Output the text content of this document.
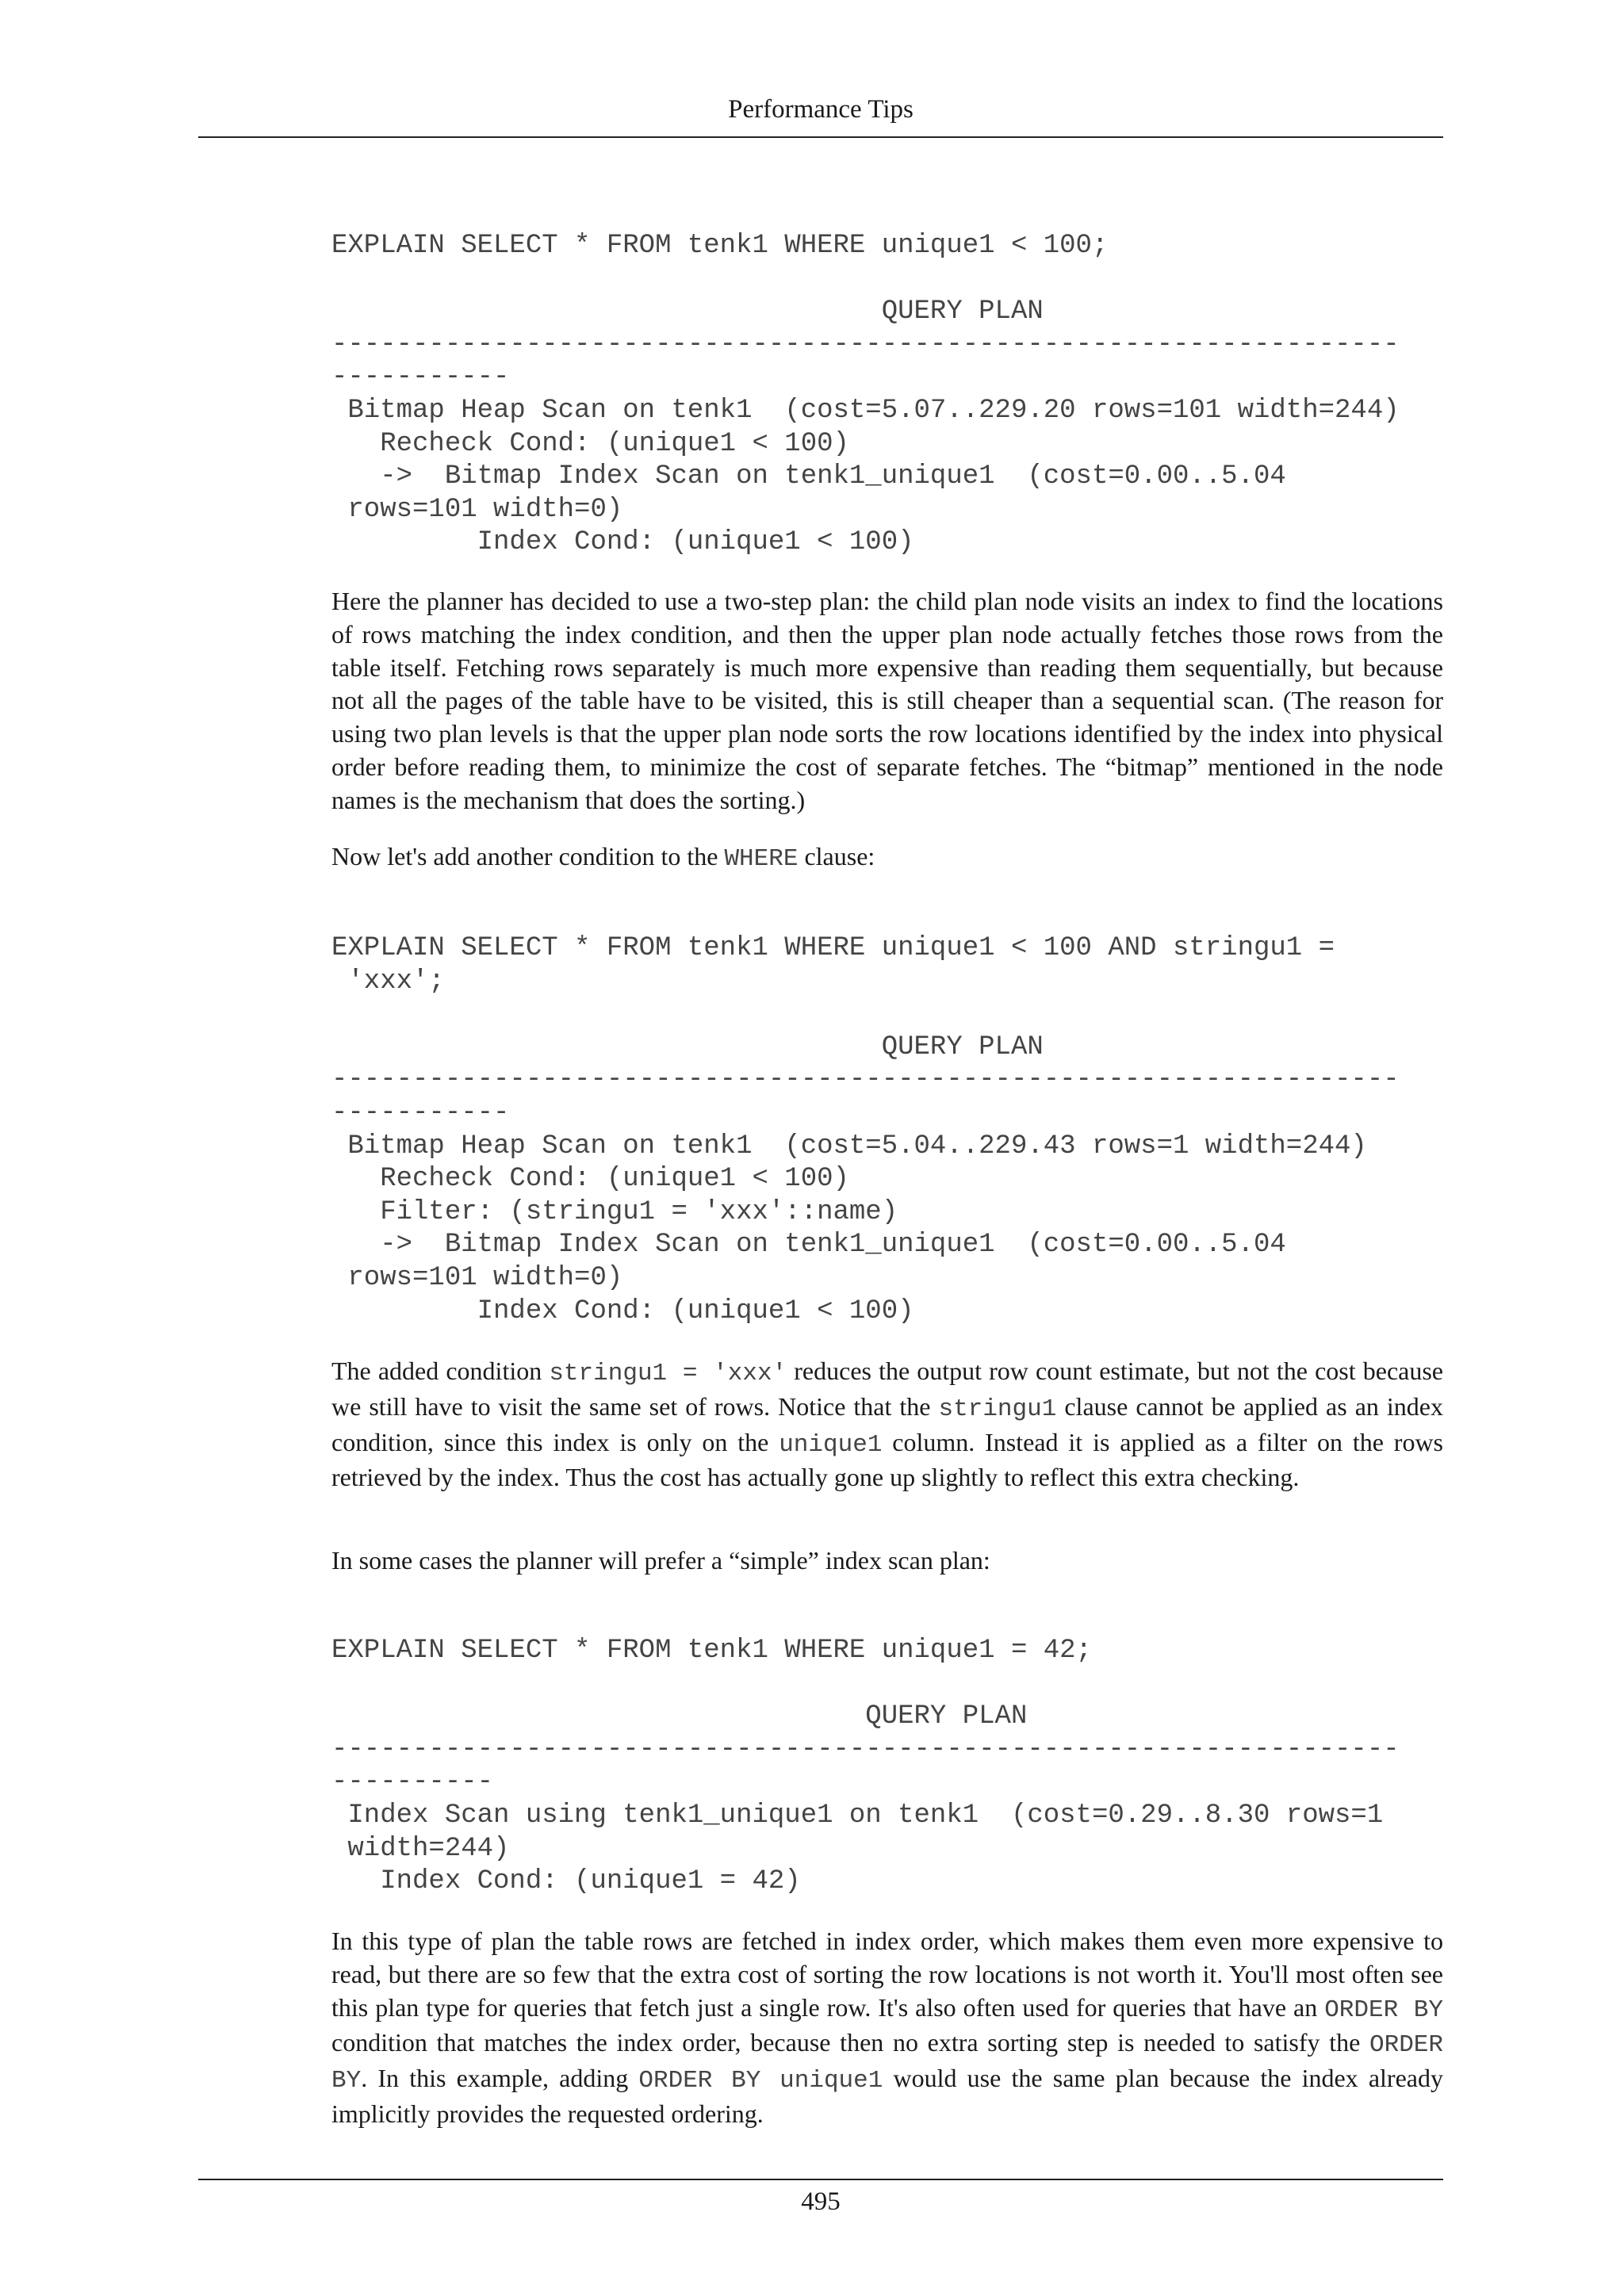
Performance Tips
EXPLAIN SELECT * FROM tenk1 WHERE unique1 < 100;

QUERY PLAN
------------------------------------------------------------------
-----------
Bitmap Heap Scan on tenk1  (cost=5.07..229.20 rows=101 width=244)
Recheck Cond: (unique1 < 100)
->  Bitmap Index Scan on tenk1_unique1  (cost=0.00..5.04
rows=101 width=0)
Index Cond: (unique1 < 100)

Here the planner has decided to use a two-step plan: the child plan node visits an index to find the locations of rows matching the index condition, and then the upper plan node actually fetches those rows from the table itself. Fetching rows separately is much more expensive than reading them sequentially, but because not all the pages of the table have to be visited, this is still cheaper than a sequential scan. (The reason for using two plan levels is that the upper plan node sorts the row locations identified by the index into physical order before reading them, to minimize the cost of separate fetches. The “bitmap” mentioned in the node names is the mechanism that does the sorting.)

Now let's add another condition to the WHERE clause:

EXPLAIN SELECT * FROM tenk1 WHERE unique1 < 100 AND stringu1 =
'xxx';

QUERY PLAN
------------------------------------------------------------------
-----------
Bitmap Heap Scan on tenk1  (cost=5.04..229.43 rows=1 width=244)
Recheck Cond: (unique1 < 100)
Filter: (stringu1 = 'xxx'::name)
->  Bitmap Index Scan on tenk1_unique1  (cost=0.00..5.04
rows=101 width=0)
Index Cond: (unique1 < 100)

The added condition stringu1 = 'xxx' reduces the output row count estimate, but not the cost because we still have to visit the same set of rows. Notice that the stringu1 clause cannot be applied as an index condition, since this index is only on the unique1 column. Instead it is applied as a filter on the rows retrieved by the index. Thus the cost has actually gone up slightly to reflect this extra checking.

In some cases the planner will prefer a “simple” index scan plan:

EXPLAIN SELECT * FROM tenk1 WHERE unique1 = 42;

QUERY PLAN
------------------------------------------------------------------
----------
Index Scan using tenk1_unique1 on tenk1  (cost=0.29..8.30 rows=1
width=244)
Index Cond: (unique1 = 42)

In this type of plan the table rows are fetched in index order, which makes them even more expensive to read, but there are so few that the extra cost of sorting the row locations is not worth it. You'll most often see this plan type for queries that fetch just a single row. It's also often used for queries that have an ORDER BY condition that matches the index order, because then no extra sorting step is needed to satisfy the ORDER BY. In this example, adding ORDER BY unique1 would use the same plan because the index already implicitly provides the requested ordering.

495
